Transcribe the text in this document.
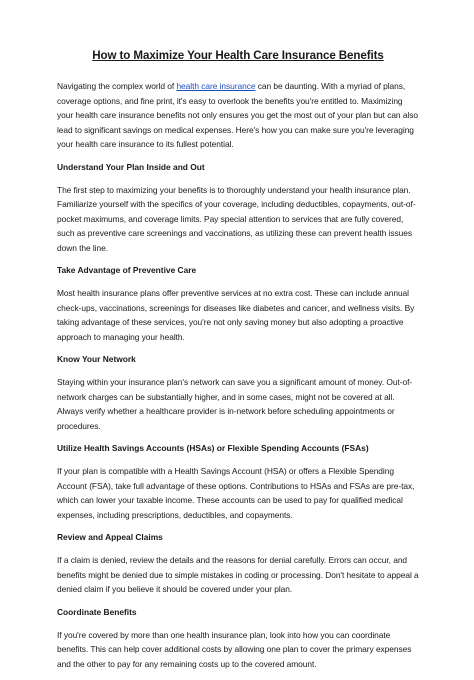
How to Maximize Your Health Care Insurance Benefits

Navigating the complex world of health care insurance can be daunting. With a myriad of plans, coverage options, and fine print, it's easy to overlook the benefits you're entitled to. Maximizing your health care insurance benefits not only ensures you get the most out of your plan but can also lead to significant savings on medical expenses. Here's how you can make sure you're leveraging your health care insurance to its fullest potential.

Understand Your Plan Inside and Out

The first step to maximizing your benefits is to thoroughly understand your health insurance plan. Familiarize yourself with the specifics of your coverage, including deductibles, copayments, out-of-pocket maximums, and coverage limits. Pay special attention to services that are fully covered, such as preventive care screenings and vaccinations, as utilizing these can prevent health issues down the line.

Take Advantage of Preventive Care

Most health insurance plans offer preventive services at no extra cost. These can include annual check-ups, vaccinations, screenings for diseases like diabetes and cancer, and wellness visits. By taking advantage of these services, you're not only saving money but also adopting a proactive approach to managing your health.

Know Your Network

Staying within your insurance plan's network can save you a significant amount of money. Out-of-network charges can be substantially higher, and in some cases, might not be covered at all. Always verify whether a healthcare provider is in-network before scheduling appointments or procedures.

Utilize Health Savings Accounts (HSAs) or Flexible Spending Accounts (FSAs)

If your plan is compatible with a Health Savings Account (HSA) or offers a Flexible Spending Account (FSA), take full advantage of these options. Contributions to HSAs and FSAs are pre-tax, which can lower your taxable income. These accounts can be used to pay for qualified medical expenses, including prescriptions, deductibles, and copayments.

Review and Appeal Claims

If a claim is denied, review the details and the reasons for denial carefully. Errors can occur, and benefits might be denied due to simple mistakes in coding or processing. Don't hesitate to appeal a denied claim if you believe it should be covered under your plan.

Coordinate Benefits

If you're covered by more than one health insurance plan, look into how you can coordinate benefits. This can help cover additional costs by allowing one plan to cover the primary expenses and the other to pay for any remaining costs up to the covered amount.
